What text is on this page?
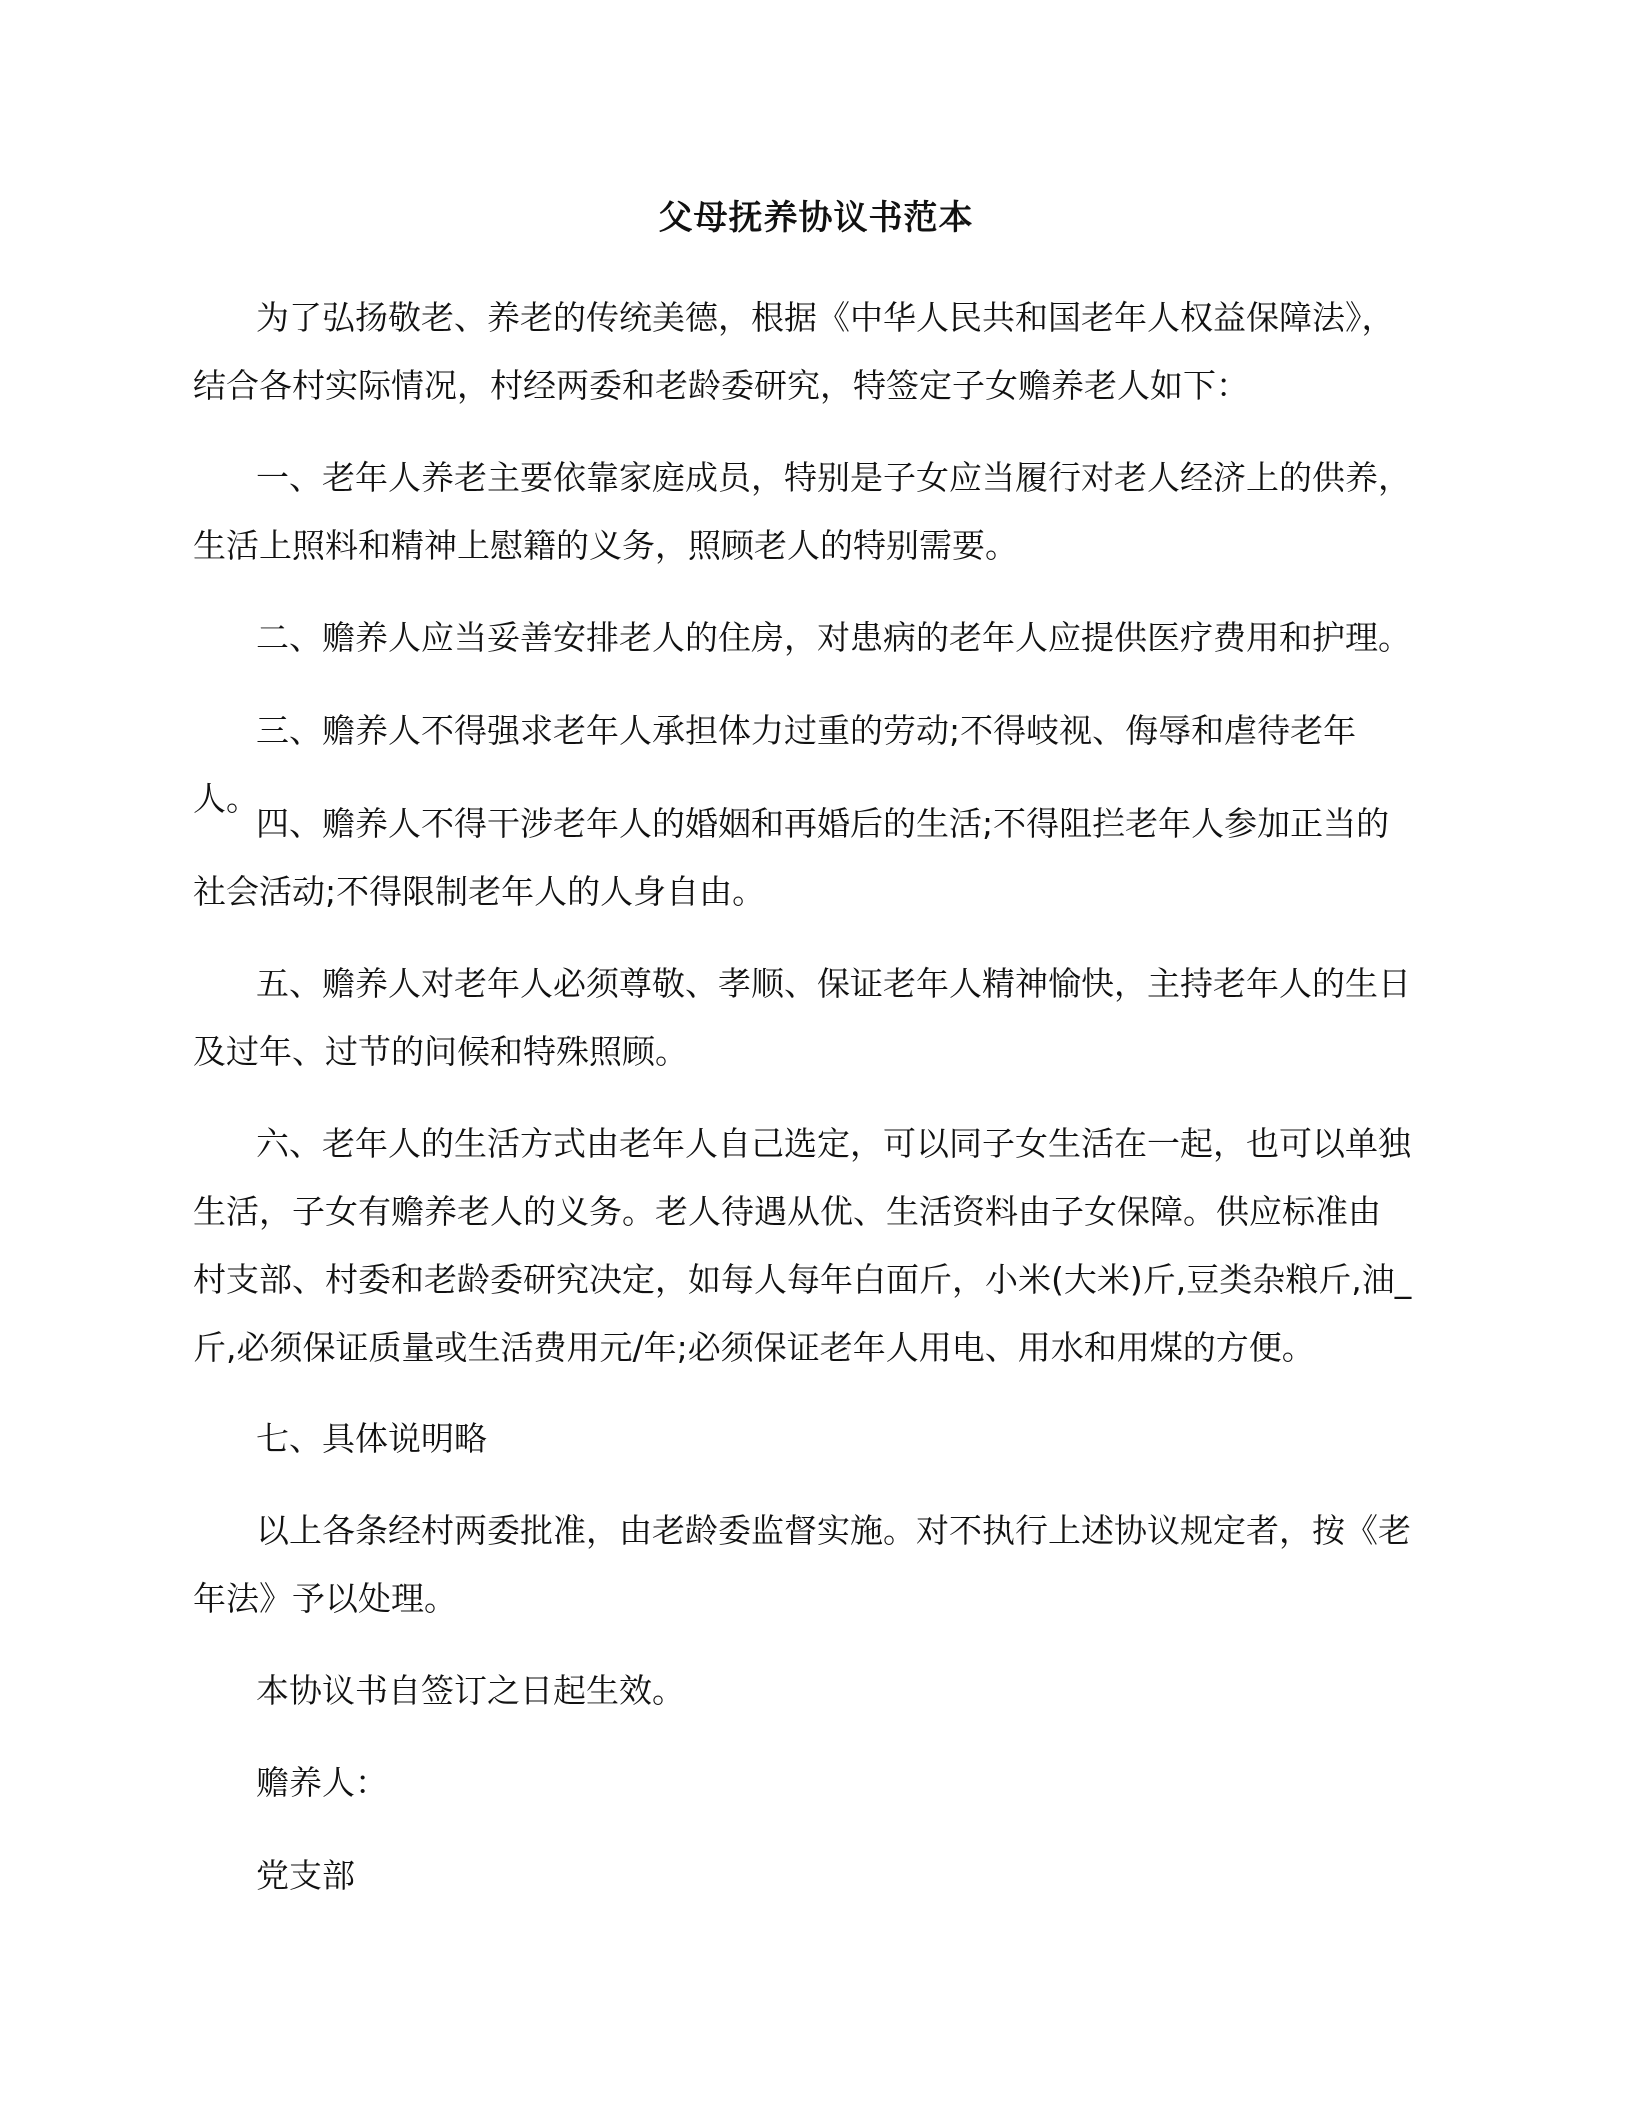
父母抚养协议书范本

为了弘扬敬老、养老的传统美德，根据《中华人民共和国老年人权益保障法》，结合各村实际情况，村经两委和老龄委研究，特签定子女赡养老人如下：

一、老年人养老主要依靠家庭成员，特别是子女应当履行对老人经济上的供养，生活上照料和精神上慰籍的义务，照顾老人的特别需要。

二、赡养人应当妥善安排老人的住房，对患病的老年人应提供医疗费用和护理。

三、赡养人不得强求老年人承担体力过重的劳动;不得岐视、侮辱和虐待老年人。

四、赡养人不得干涉老年人的婚姻和再婚后的生活;不得阻拦老年人参加正当的社会活动;不得限制老年人的人身自由。

五、赡养人对老年人必须尊敬、孝顺、保证老年人精神愉快，主持老年人的生日及过年、过节的问候和特殊照顾。

六、老年人的生活方式由老年人自己选定，可以同子女生活在一起，也可以单独生活，子女有赡养老人的义务。老人待遇从优、生活资料由子女保障。供应标准由村支部、村委和老龄委研究决定，如每人每年白面斤，小米(大米)斤,豆类杂粮斤,油_斤,必须保证质量或生活费用元/年;必须保证老年人用电、用水和用煤的方便。

七、具体说明略

以上各条经村两委批准，由老龄委监督实施。对不执行上述协议规定者，按《老年法》予以处理。

本协议书自签订之日起生效。

赡养人：

党支部
